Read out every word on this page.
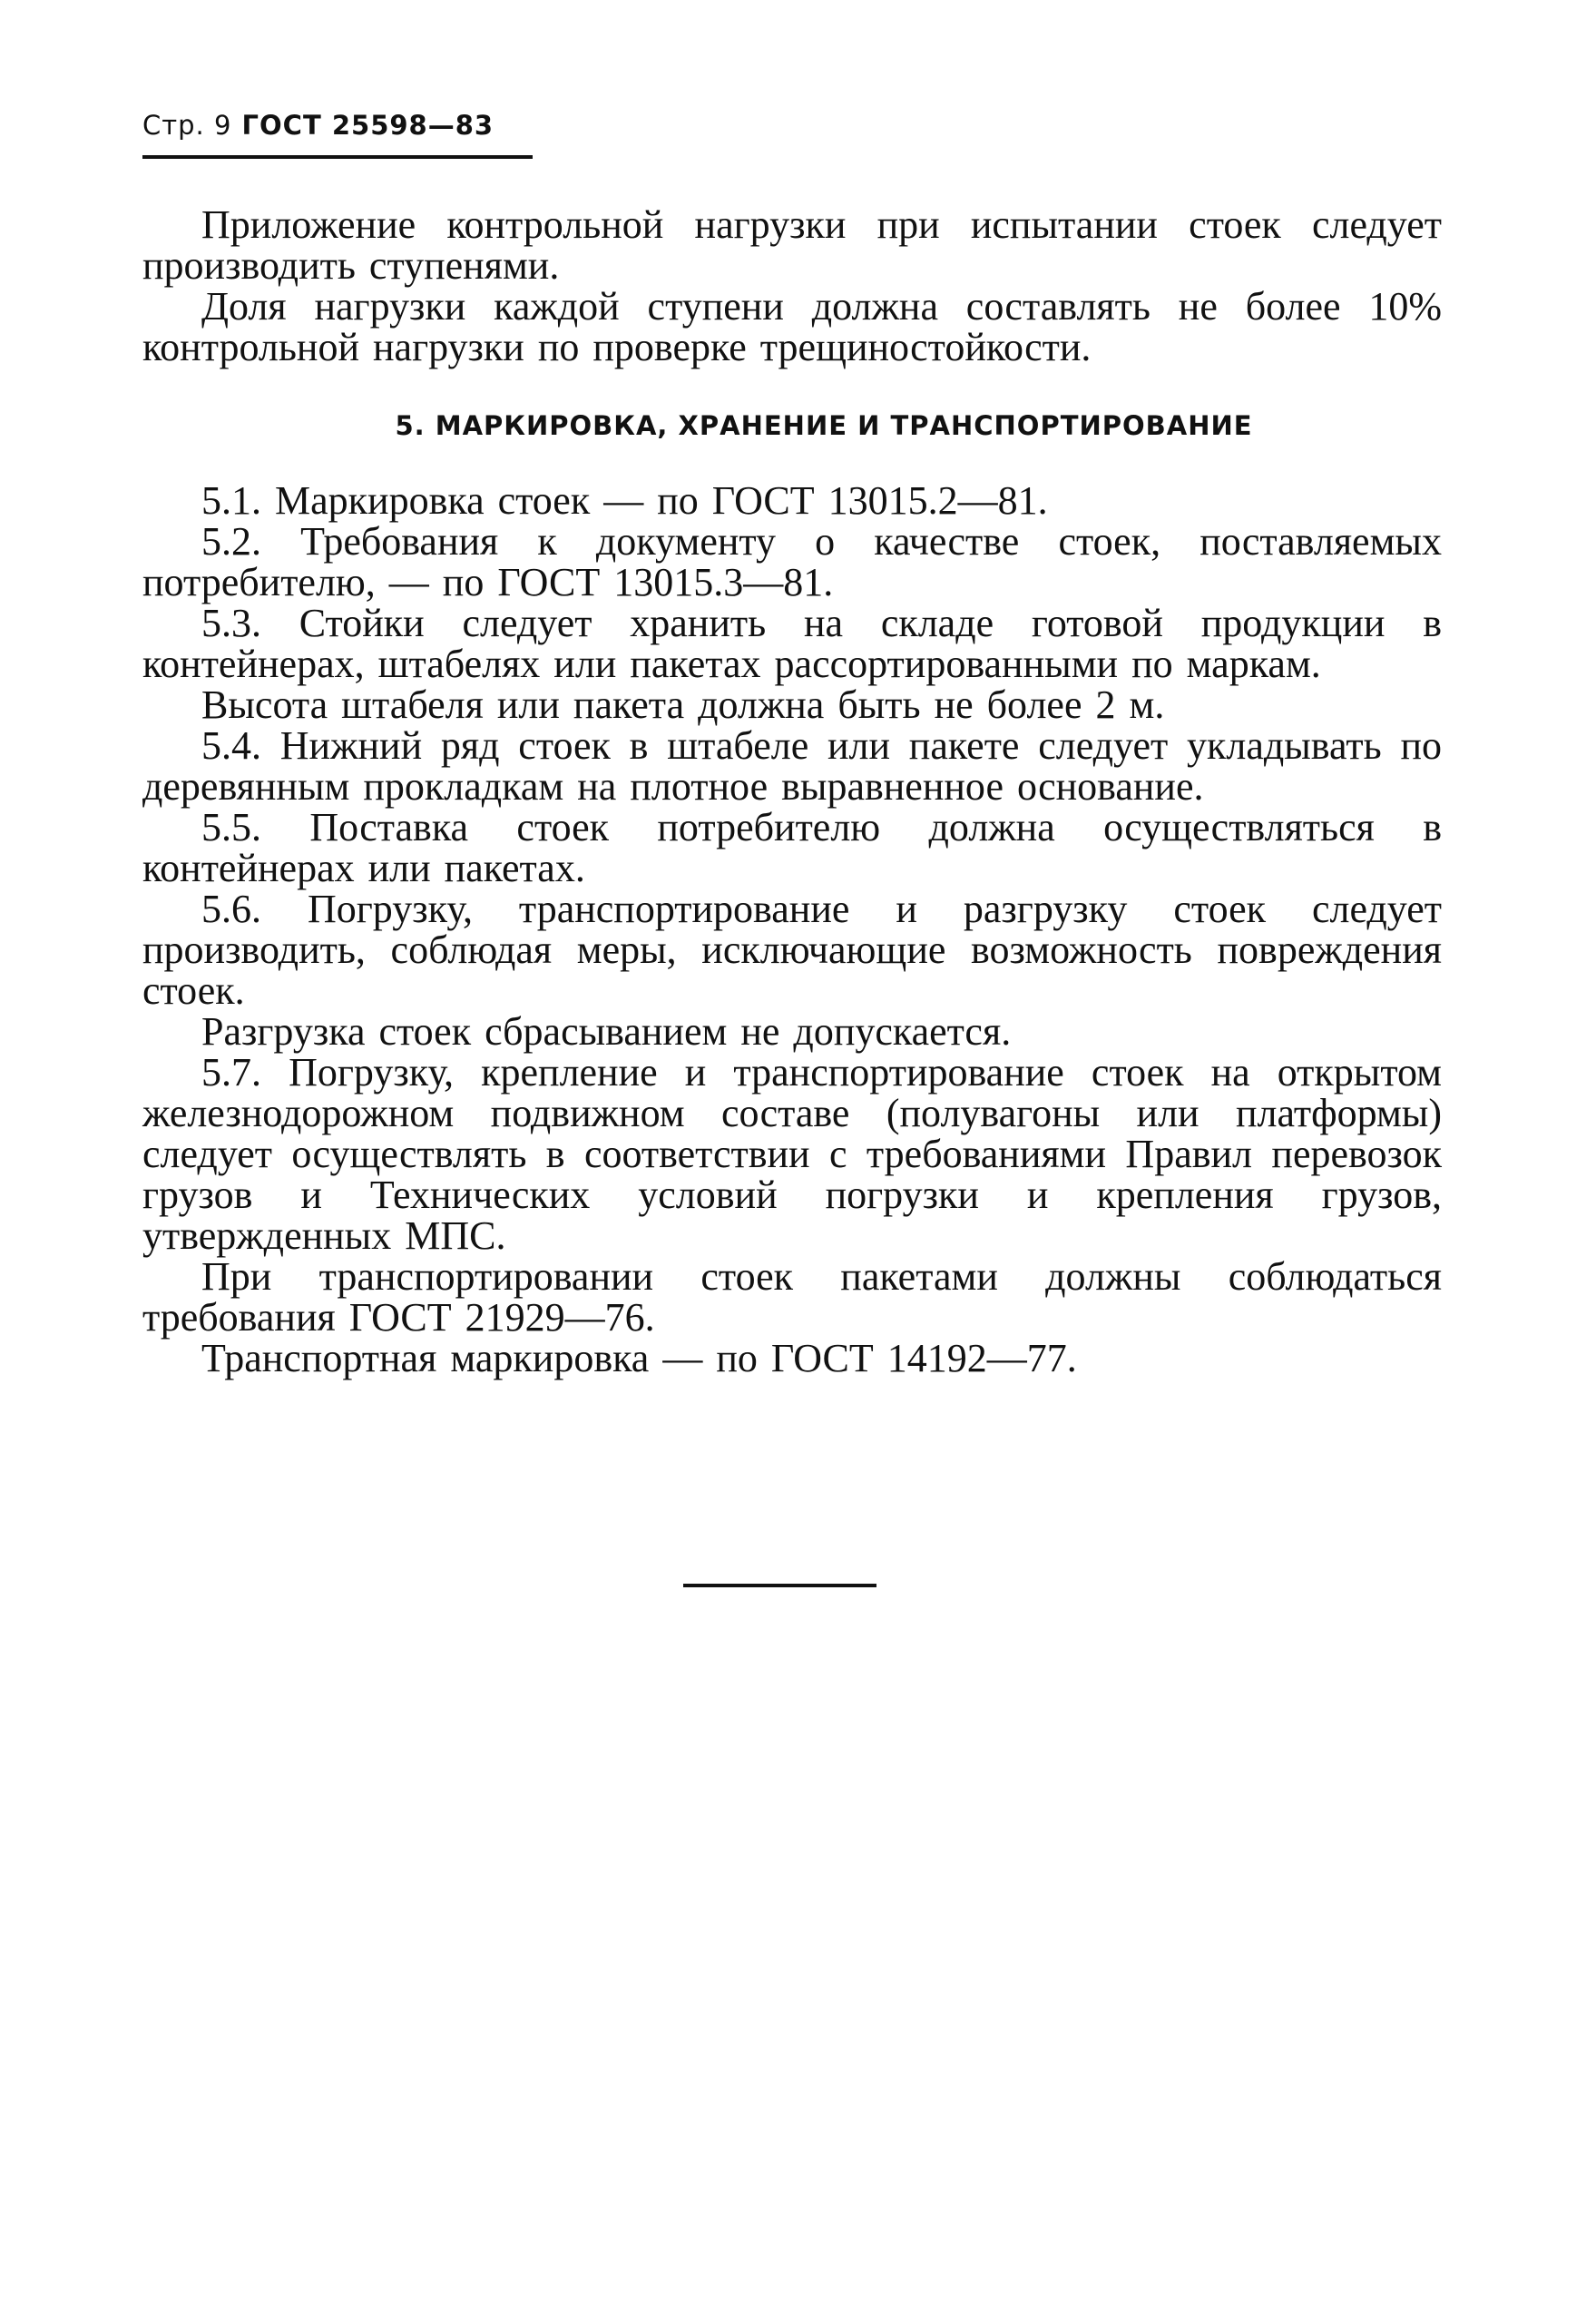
Стр. 9 ГОСТ 25598—83

Приложение контрольной нагрузки при испытании стоек следует производить ступенями.

Доля нагрузки каждой ступени должна составлять не более 10% контрольной нагрузки по проверке трещиностойкости.

5. МАРКИРОВКА, ХРАНЕНИЕ И ТРАНСПОРТИРОВАНИЕ

5.1. Маркировка стоек — по ГОСТ 13015.2—81.

5.2. Требования к документу о качестве стоек, поставляемых потребителю, — по ГОСТ 13015.3—81.

5.3. Стойки следует хранить на складе готовой продукции в контейнерах, штабелях или пакетах рассортированными по маркам.

Высота штабеля или пакета должна быть не более 2 м.

5.4. Нижний ряд стоек в штабеле или пакете следует укладывать по деревянным прокладкам на плотное выравненное основание.

5.5. Поставка стоек потребителю должна осуществляться в контейнерах или пакетах.

5.6. Погрузку, транспортирование и разгрузку стоек следует производить, соблюдая меры, исключающие возможность повреждения стоек.

Разгрузка стоек сбрасыванием не допускается.

5.7. Погрузку, крепление и транспортирование стоек на открытом железнодорожном подвижном составе (полувагоны или платформы) следует осуществлять в соответствии с требованиями Правил перевозок грузов и Технических условий погрузки и крепления грузов, утвержденных МПС.

При транспортировании стоек пакетами должны соблюдаться требования ГОСТ 21929—76.

Транспортная маркировка — по ГОСТ 14192—77.
